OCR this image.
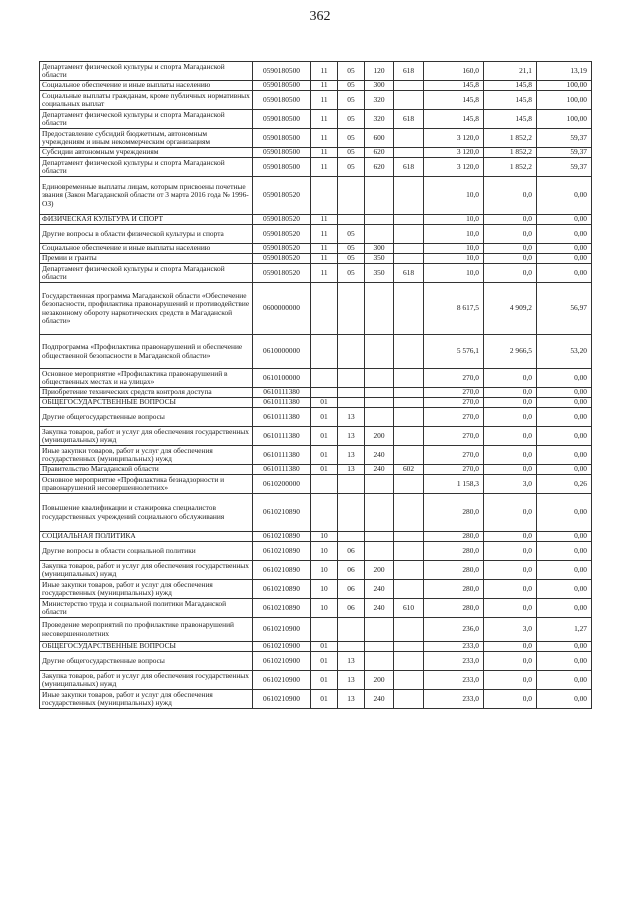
362
Департамент физической культуры и спорта Магаданской области	0590180500	11	05	120	618	160,0	21,1	13,19
Социальное обеспечение и иные выплаты населению	0590180500	11	05	300		145,8	145,8	100,00
Социальные выплаты гражданам, кроме публичных нормативных социальных выплат	0590180500	11	05	320		145,8	145,8	100,00
Департамент физической культуры и спорта Магаданской области	0590180500	11	05	320	618	145,8	145,8	100,00
Предоставление субсидий бюджетным, автономным учреждениям и иным некоммерческим организациям	0590180500	11	05	600		3 120,0	1 852,2	59,37
Субсидии автономным учреждениям	0590180500	11	05	620		3 120,0	1 852,2	59,37
Департамент физической культуры и спорта Магаданской области	0590180500	11	05	620	618	3 120,0	1 852,2	59,37
Единовременные выплаты лицам, которым присвоены почетные звания (Закон Магаданской области от 3 марта 2016 года № 1996-ОЗ)	0590180520					10,0	0,0	0,00
ФИЗИЧЕСКАЯ КУЛЬТУРА И СПОРТ	0590180520	11				10,0	0,0	0,00
Другие вопросы в области физической культуры и спорта	0590180520	11	05			10,0	0,0	0,00
Социальное обеспечение и иные выплаты населению	0590180520	11	05	300		10,0	0,0	0,00
Премии и гранты	0590180520	11	05	350		10,0	0,0	0,00
Департамент физической культуры и спорта Магаданской области	0590180520	11	05	350	618	10,0	0,0	0,00
Государственная программа Магаданской области «Обеспечение безопасности, профилактика правонарушений и противодействие незаконному обороту наркотических средств в Магаданской области»	0600000000					8 617,5	4 909,2	56,97
Подпрограмма «Профилактика правонарушений и обеспечение общественной безопасности в Магаданской области»	0610000000					5 576,1	2 966,5	53,20
Основное мероприятие «Профилактика правонарушений в общественных местах и на улицах»	0610100000					270,0	0,0	0,00
Приобретение технических средств контроля доступа	0610111380					270,0	0,0	0,00
ОБЩЕГОСУДАРСТВЕННЫЕ ВОПРОСЫ	0610111380	01				270,0	0,0	0,00
Другие общегосударственные вопросы	0610111380	01	13			270,0	0,0	0,00
Закупка товаров, работ и услуг для обеспечения государственных (муниципальных) нужд	0610111380	01	13	200		270,0	0,0	0,00
Иные закупки товаров, работ и услуг для обеспечения государственных (муниципальных) нужд	0610111380	01	13	240		270,0	0,0	0,00
Правительство Магаданской области	0610111380	01	13	240	602	270,0	0,0	0,00
Основное мероприятие «Профилактика безнадзорности и правонарушений несовершеннолетних»	0610200000					1 158,3	3,0	0,26
Повышение квалификации и стажировка специалистов государственных учреждений социального обслуживания	0610210890					280,0	0,0	0,00
СОЦИАЛЬНАЯ ПОЛИТИКА	0610210890	10				280,0	0,0	0,00
Другие вопросы в области социальной политики	0610210890	10	06			280,0	0,0	0,00
Закупка товаров, работ и услуг для обеспечения государственных (муниципальных) нужд	0610210890	10	06	200		280,0	0,0	0,00
Иные закупки товаров, работ и услуг для обеспечения государственных (муниципальных) нужд	0610210890	10	06	240		280,0	0,0	0,00
Министерство труда и социальной политики Магаданской области	0610210890	10	06	240	610	280,0	0,0	0,00
Проведение мероприятий по профилактике правонарушений несовершеннолетних	0610210900					236,0	3,0	1,27
ОБЩЕГОСУДАРСТВЕННЫЕ ВОПРОСЫ	0610210900	01				233,0	0,0	0,00
Другие общегосударственные вопросы	0610210900	01	13			233,0	0,0	0,00
Закупка товаров, работ и услуг для обеспечения государственных (муниципальных) нужд	0610210900	01	13	200		233,0	0,0	0,00
Иные закупки товаров, работ и услуг для обеспечения государственных (муниципальных) нужд	0610210900	01	13	240		233,0	0,0	0,00
